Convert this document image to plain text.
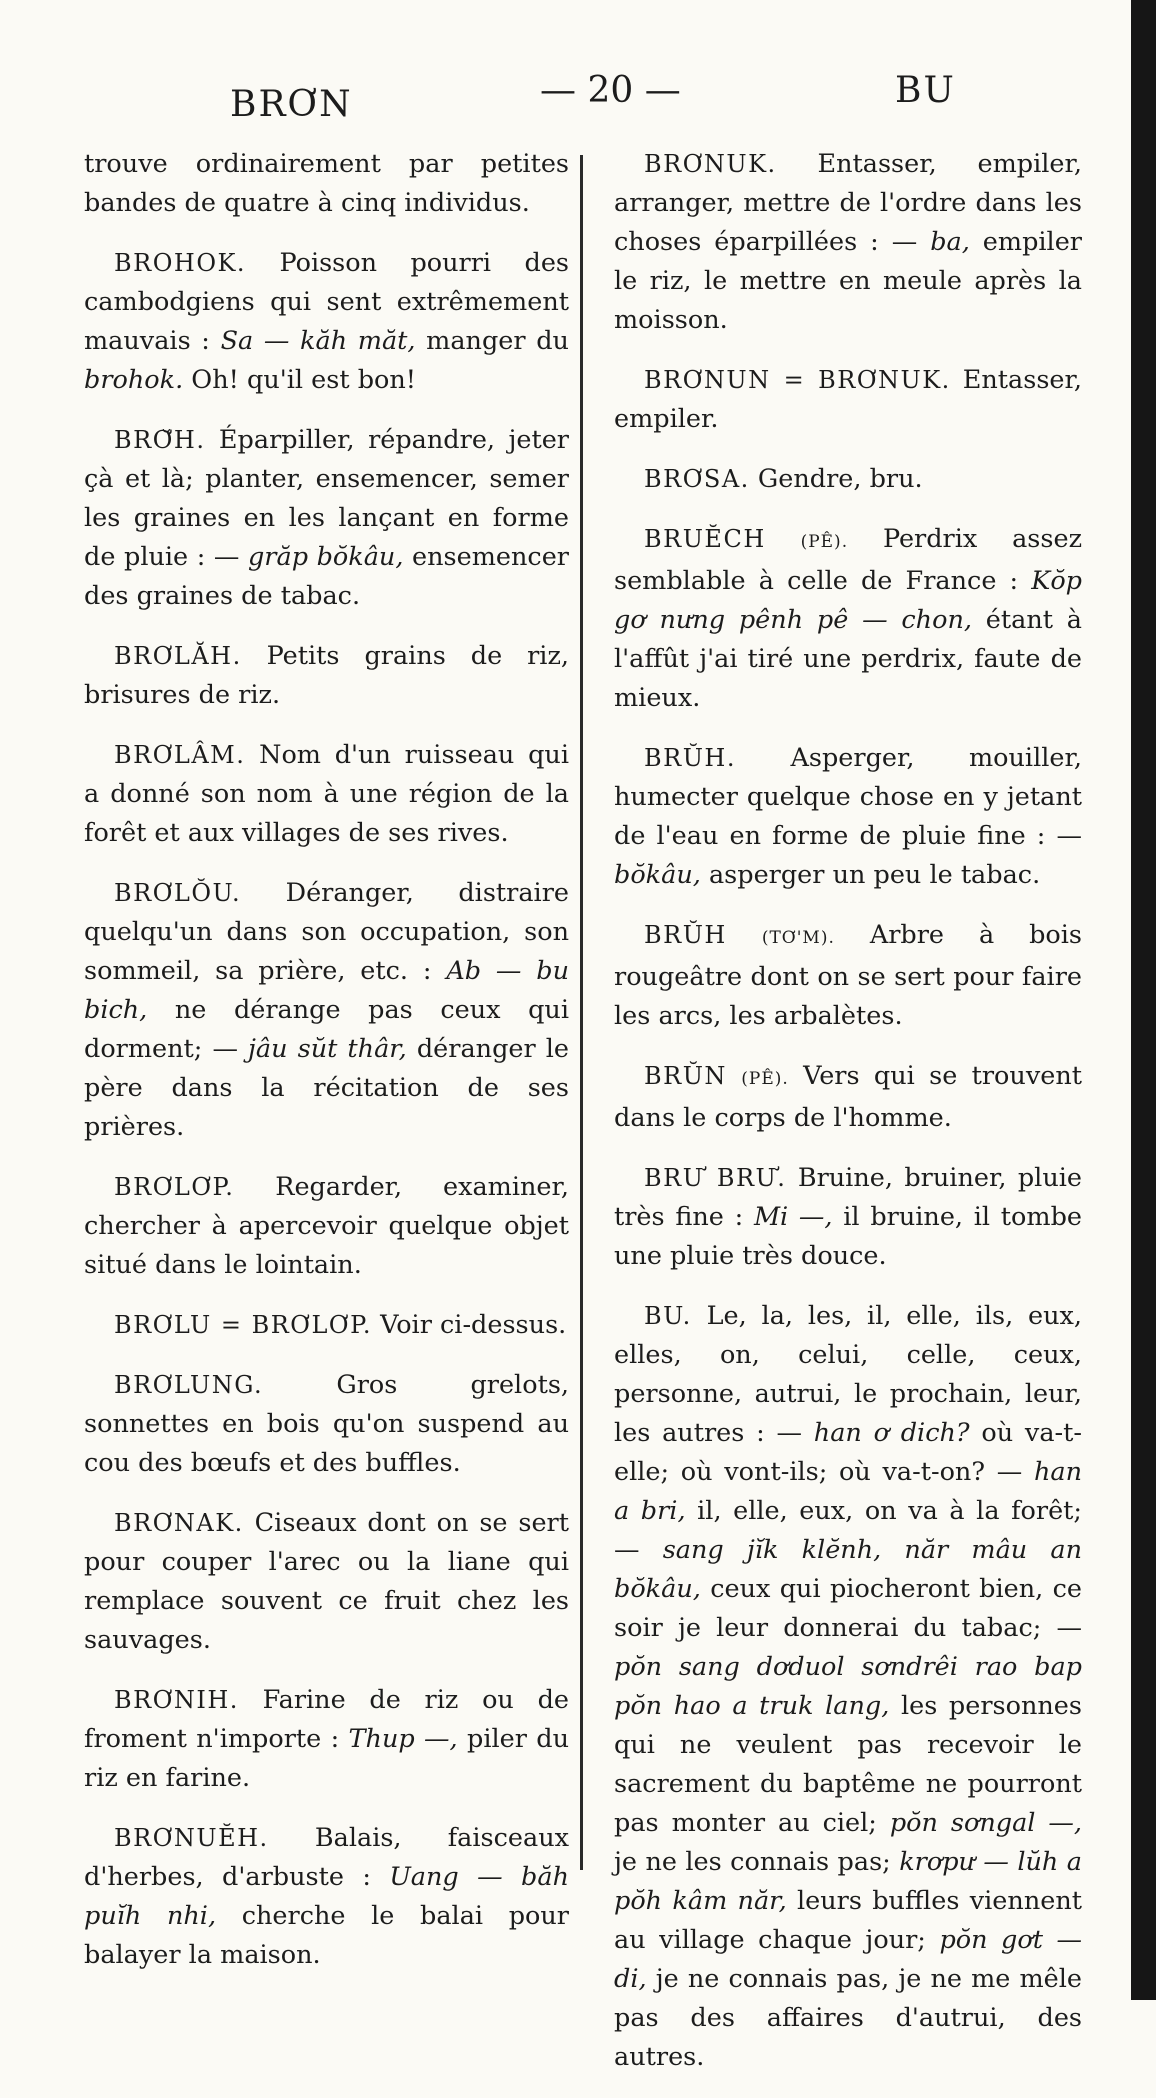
BRƠN	— 20 —	BU

trouve ordinairement par petites bandes de quatre à cinq individus.

BROHOK. Poisson pourri des cambodgiens qui sent extrêmement mauvais : Sa — kăh măt, manger du brohok. Oh! qu'il est bon!

BRƠ̆H. Éparpiller, répandre, jeter çà et là; planter, ensemencer, semer les graines en les lançant en forme de pluie : — grăp bŏkâu, ensemencer des graines de tabac.

BRƠLĂH. Petits grains de riz, brisures de riz.

BRƠLÂM. Nom d'un ruisseau qui a donné son nom à une région de la forêt et aux villages de ses rives.

BRƠLŎU. Déranger, distraire quelqu'un dans son occupation, son sommeil, sa prière, etc. : Ab — bu bich, ne dérange pas ceux qui dorment; — jâu sŭt thâr, déranger le père dans la récitation de ses prières.

BRƠLƠP. Regarder, examiner, chercher à apercevoir quelque objet situé dans le lointain.

BRƠLU = BRƠLƠP. Voir ci-dessus.

BRƠLUNG.	Gros grelots, sonnettes en bois qu'on suspend au cou des bœufs et des buffles.

BRƠNAK. Ciseaux dont on se sert pour couper l'arec ou la liane qui remplace souvent ce fruit chez les sauvages.

BRƠNIH. Farine de riz ou de froment n'importe : Thup —, piler du riz en farine.

BRƠNUĔH. Balais, faisceaux d'herbes, d'arbuste : Uang — băh puĭh nhi, cherche le balai pour balayer la maison.

BRƠNUK. Entasser, empiler, arranger, mettre de l'ordre dans les choses éparpillées : — ba, empiler le riz, le mettre en meule après la moisson.

BRƠNUN = BRƠNUK. Entasser, empiler.

BRƠSA. Gendre, bru.

BRUĔCH (PÊ). Perdrix assez semblable à celle de France : Kŏp gơ nưng pênh pê — chon, étant à l'affût j'ai tiré une perdrix, faute de mieux.

BRŬH. Asperger, mouiller, humecter quelque chose en y jetant de l'eau en forme de pluie fine : — bŏkâu, asperger un peu le tabac.

BRŬH (TƠ'M). Arbre à bois rougeâtre dont on se sert pour faire les arcs, les arbalètes.

BRŬN (PÊ). Vers qui se trouvent dans le corps de l'homme.

BRƯ BRƯ. Bruine, bruiner, pluie très fine : Mi —, il bruine, il tombe une pluie très douce.

BU. Le, la, les, il, elle, ils, eux, elles, on, celui, celle, ceux, personne, autrui, le prochain, leur, les autres : — han ơ dich? où va-t-elle; où vont-ils; où va-t-on? — han a bri, il, elle, eux, on va à la forêt; — sang jĭk klĕnh, năr mâu an bŏkâu, ceux qui piocheront bien, ce soir je leur donnerai du tabac; — pŏn sang dơduol sơndrêi rao bap pŏn hao a truk lang, les personnes qui ne veulent pas recevoir le sacrement du baptême ne pourront pas monter au ciel; pŏn sơngal —, je ne les connais pas; krơpư — lŭh a pŏh kâm năr, leurs buffles viennent au village chaque jour; pŏn gơt — di, je ne connais pas, je ne me mêle pas des affaires d'autrui, des autres.
